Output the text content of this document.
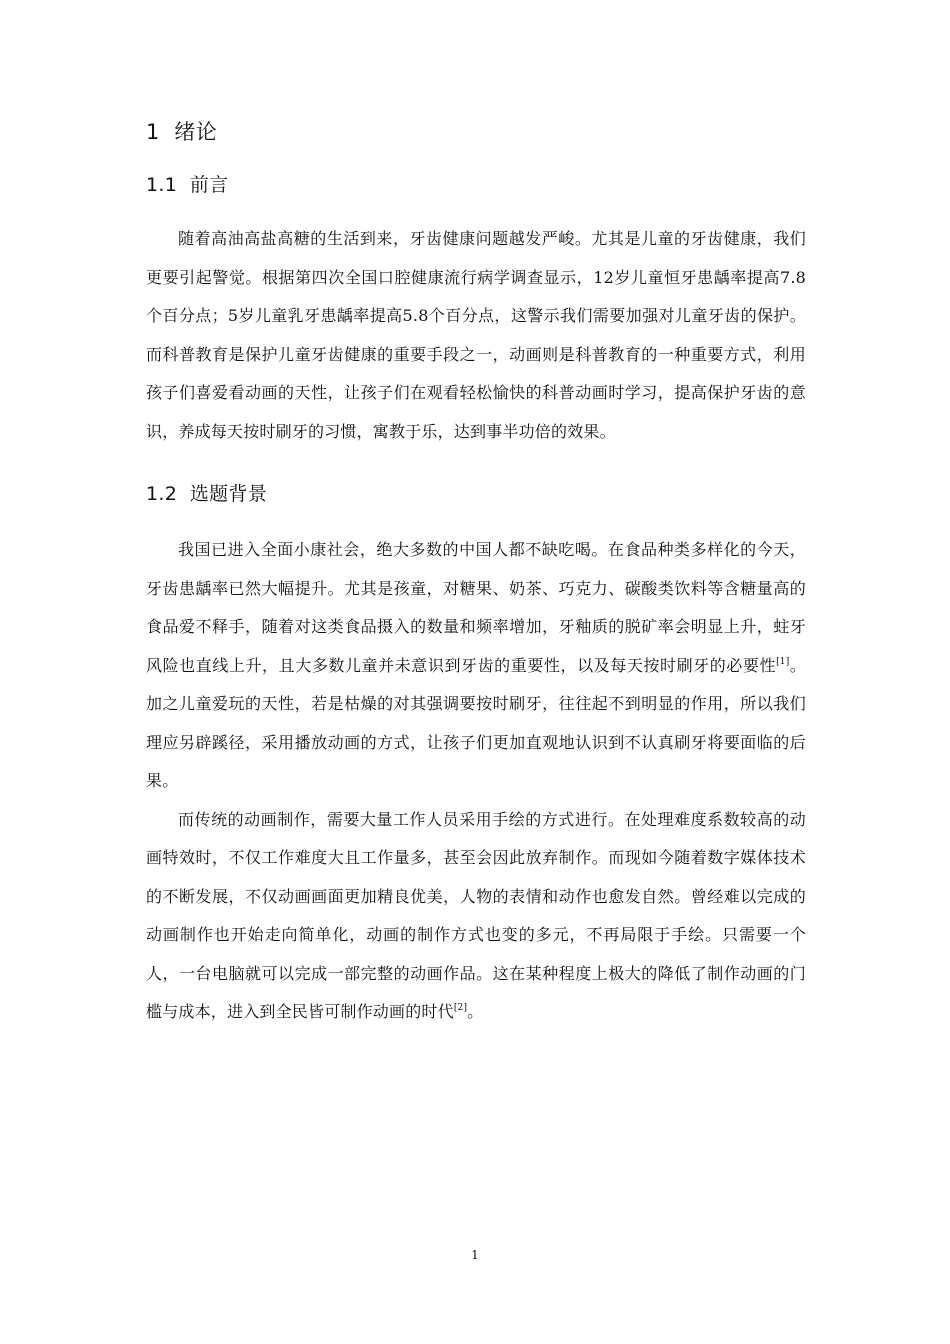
1 绪论
1.1 前言

随着高油高盐高糖的生活到来，牙齿健康问题越发严峻。尤其是儿童的牙齿健康，我们更要引起警觉。根据第四次全国口腔健康流行病学调查显示，12岁儿童恒牙患龋率提高7.8个百分点；5岁儿童乳牙患龋率提高5.8个百分点，这警示我们需要加强对儿童牙齿的保护。而科普教育是保护儿童牙齿健康的重要手段之一，动画则是科普教育的一种重要方式，利用孩子们喜爱看动画的天性，让孩子们在观看轻松愉快的科普动画时学习，提高保护牙齿的意识，养成每天按时刷牙的习惯，寓教于乐，达到事半功倍的效果。

1.2 选题背景

我国已进入全面小康社会，绝大多数的中国人都不缺吃喝。在食品种类多样化的今天，牙齿患龋率已然大幅提升。尤其是孩童，对糖果、奶茶、巧克力、碳酸类饮料等含糖量高的食品爱不释手，随着对这类食品摄入的数量和频率增加，牙釉质的脱矿率会明显上升，蛀牙风险也直线上升，且大多数儿童并未意识到牙齿的重要性，以及每天按时刷牙的必要性[1]。加之儿童爱玩的天性，若是枯燥的对其强调要按时刷牙，往往起不到明显的作用，所以我们理应另辟蹊径，采用播放动画的方式，让孩子们更加直观地认识到不认真刷牙将要面临的后果。

而传统的动画制作，需要大量工作人员采用手绘的方式进行。在处理难度系数较高的动画特效时，不仅工作难度大且工作量多，甚至会因此放弃制作。而现如今随着数字媒体技术的不断发展，不仅动画画面更加精良优美，人物的表情和动作也愈发自然。曾经难以完成的动画制作也开始走向简单化，动画的制作方式也变的多元，不再局限于手绘。只需要一个人，一台电脑就可以完成一部完整的动画作品。这在某种程度上极大的降低了制作动画的门槛与成本，进入到全民皆可制作动画的时代[2]。

1
